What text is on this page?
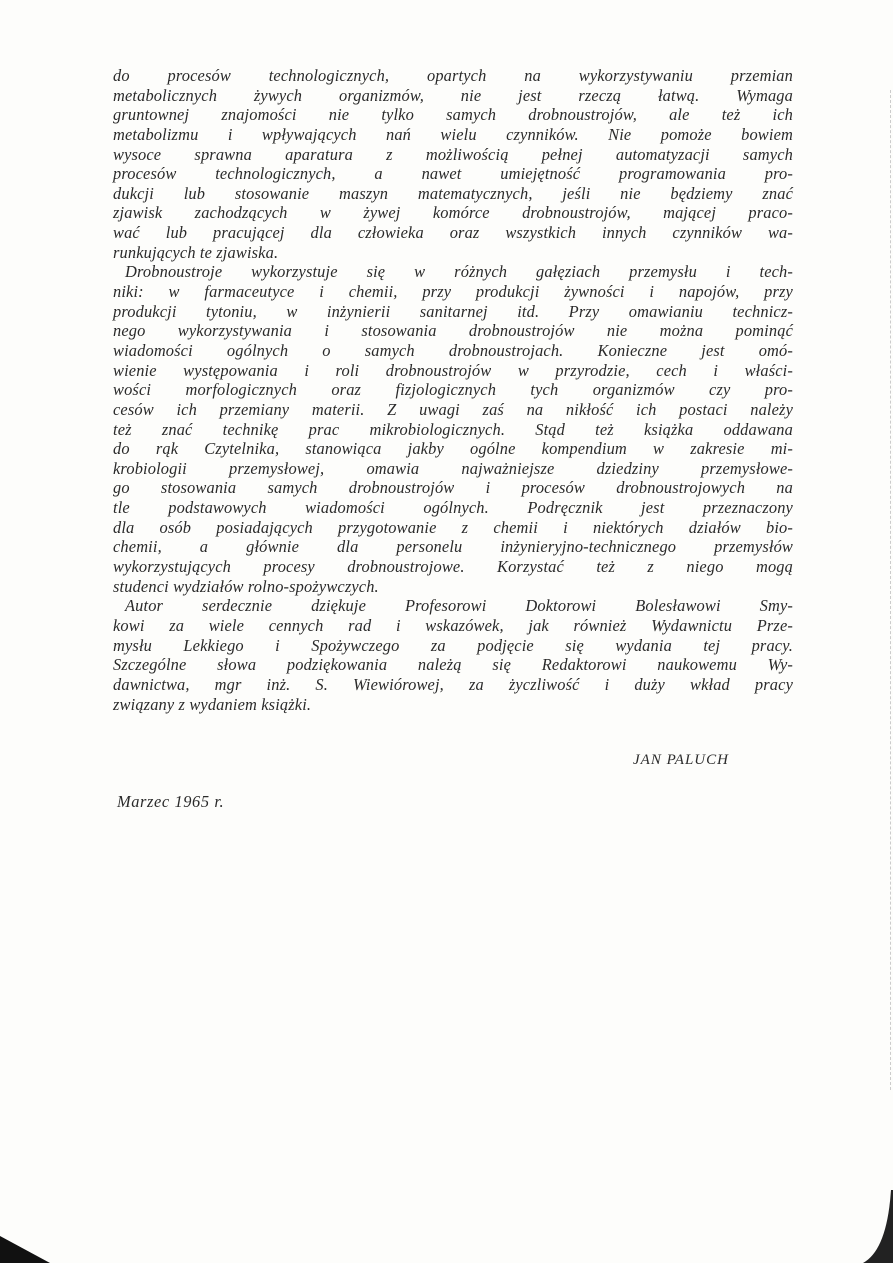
do procesów technologicznych, opartych na wykorzystywaniu przemian
metabolicznych żywych organizmów, nie jest rzeczą łatwą. Wymaga
gruntownej znajomości nie tylko samych drobnoustrojów, ale też ich
metabolizmu i wpływających nań wielu czynników. Nie pomoże bowiem
wysoce sprawna aparatura z możliwością pełnej automatyzacji samych
procesów technologicznych, a nawet umiejętność programowania pro-
dukcji lub stosowanie maszyn matematycznych, jeśli nie będziemy znać
zjawisk zachodzących w żywej komórce drobnoustrojów, mającej praco-
wać lub pracującej dla człowieka oraz wszystkich innych czynników wa-
runkujących te zjawiska.
Drobnoustroje wykorzystuje się w różnych gałęziach przemysłu i tech-
niki: w farmaceutyce i chemii, przy produkcji żywności i napojów, przy
produkcji tytoniu, w inżynierii sanitarnej itd. Przy omawianiu technicz-
nego wykorzystywania i stosowania drobnoustrojów nie można pominąć
wiadomości ogólnych o samych drobnoustrojach. Konieczne jest omó-
wienie występowania i roli drobnoustrojów w przyrodzie, cech i właści-
wości morfologicznych oraz fizjologicznych tych organizmów czy pro-
cesów ich przemiany materii. Z uwagi zaś na nikłość ich postaci należy
też znać technikę prac mikrobiologicznych. Stąd też książka oddawana
do rąk Czytelnika, stanowiąca jakby ogólne kompendium w zakresie mi-
krobiologii przemysłowej, omawia najważniejsze dziedziny przemysłowe-
go stosowania samych drobnoustrojów i procesów drobnoustrojowych na
tle podstawowych wiadomości ogólnych. Podręcznik jest przeznaczony
dla osób posiadających przygotowanie z chemii i niektórych działów bio-
chemii, a głównie dla personelu inżynieryjno-technicznego przemysłów
wykorzystujących procesy drobnoustrojowe. Korzystać też z niego mogą
studenci wydziałów rolno-spożywczych.
Autor serdecznie dziękuje Profesorowi Doktorowi Bolesławowi Smy-
kowi za wiele cennych rad i wskazówek, jak również Wydawnictu Prze-
mysłu Lekkiego i Spożywczego za podjęcie się wydania tej pracy.
Szczególne słowa podziękowania należą się Redaktorowi naukowemu Wy-
dawnictwa, mgr inż. S. Wiewiórowej, za życzliwość i duży wkład pracy
związany z wydaniem książki.
JAN PALUCH
Marzec 1965 r.
